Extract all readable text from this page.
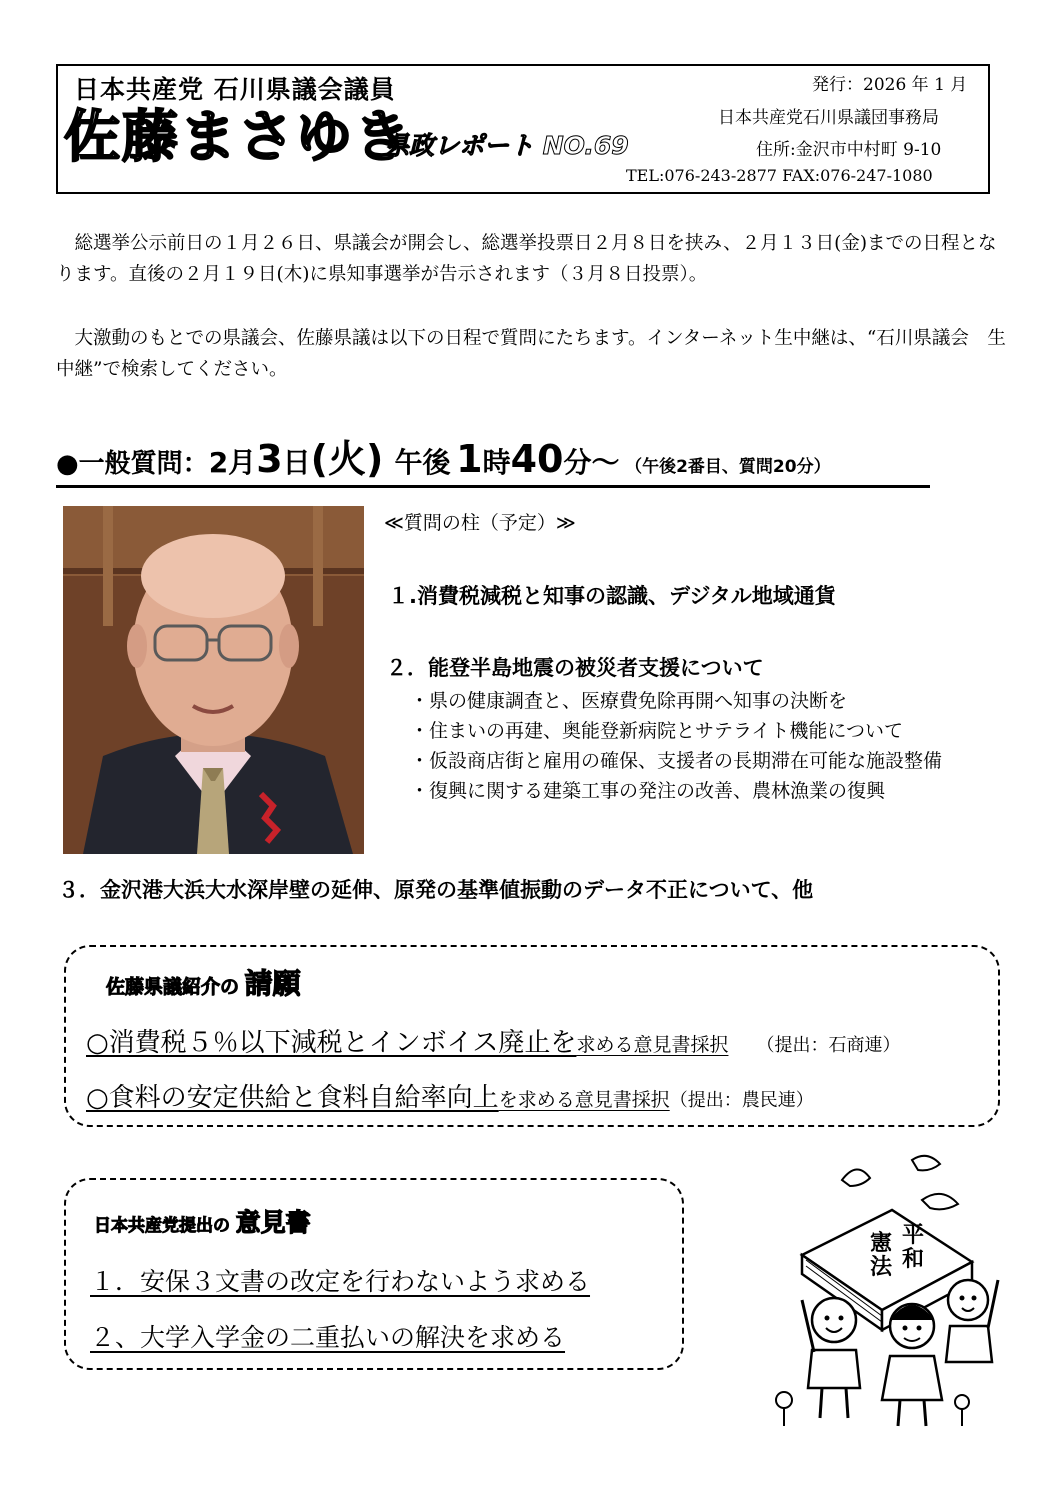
日本共産党 石川県議会議員
佐藤まさゆき
県政レポート NO.69
発行：2026 年 1 月
日本共産党石川県議団事務局
住所:金沢市中村町 9-10
TEL:076-243-2877 FAX:076-247-1080
総選挙公示前日の１月２６日、県議会が開会し、総選挙投票日２月８日を挟み、２月１３日(金)までの日程となります。直後の２月１９日(木)に県知事選挙が告示されます（３月８日投票）。
大激動のもとでの県議会、佐藤県議は以下の日程で質問にたちます。インターネット生中継は、“石川県議会　生中継”で検索してください。
●一般質問：2月3日(火) 午後 1時40分～ （午後2番目、質問20分）
≪質問の柱（予定）≫
１.消費税減税と知事の認識、デジタル地域通貨
２．能登半島地震の被災者支援について
・県の健康調査と、医療費免除再開へ知事の決断を
・住まいの再建、奥能登新病院とサテライト機能について
・仮設商店街と雇用の確保、支援者の長期滞在可能な施設整備
・復興に関する建築工事の発注の改善、農林漁業の復興
３．金沢港大浜大水深岸壁の延伸、原発の基準値振動のデータ不正について、他
佐藤県議紹介の 請願
○消費税５％以下減税とインボイス廃止を求める意見書採択 （提出：石商連）
○食料の安定供給と食料自給率向上を求める意見書採択（提出：農民連）
日本共産党提出の 意見書
１．安保３文書の改定を行わないよう求める
２、大学入学金の二重払いの解決を求める
平
和
憲
法
